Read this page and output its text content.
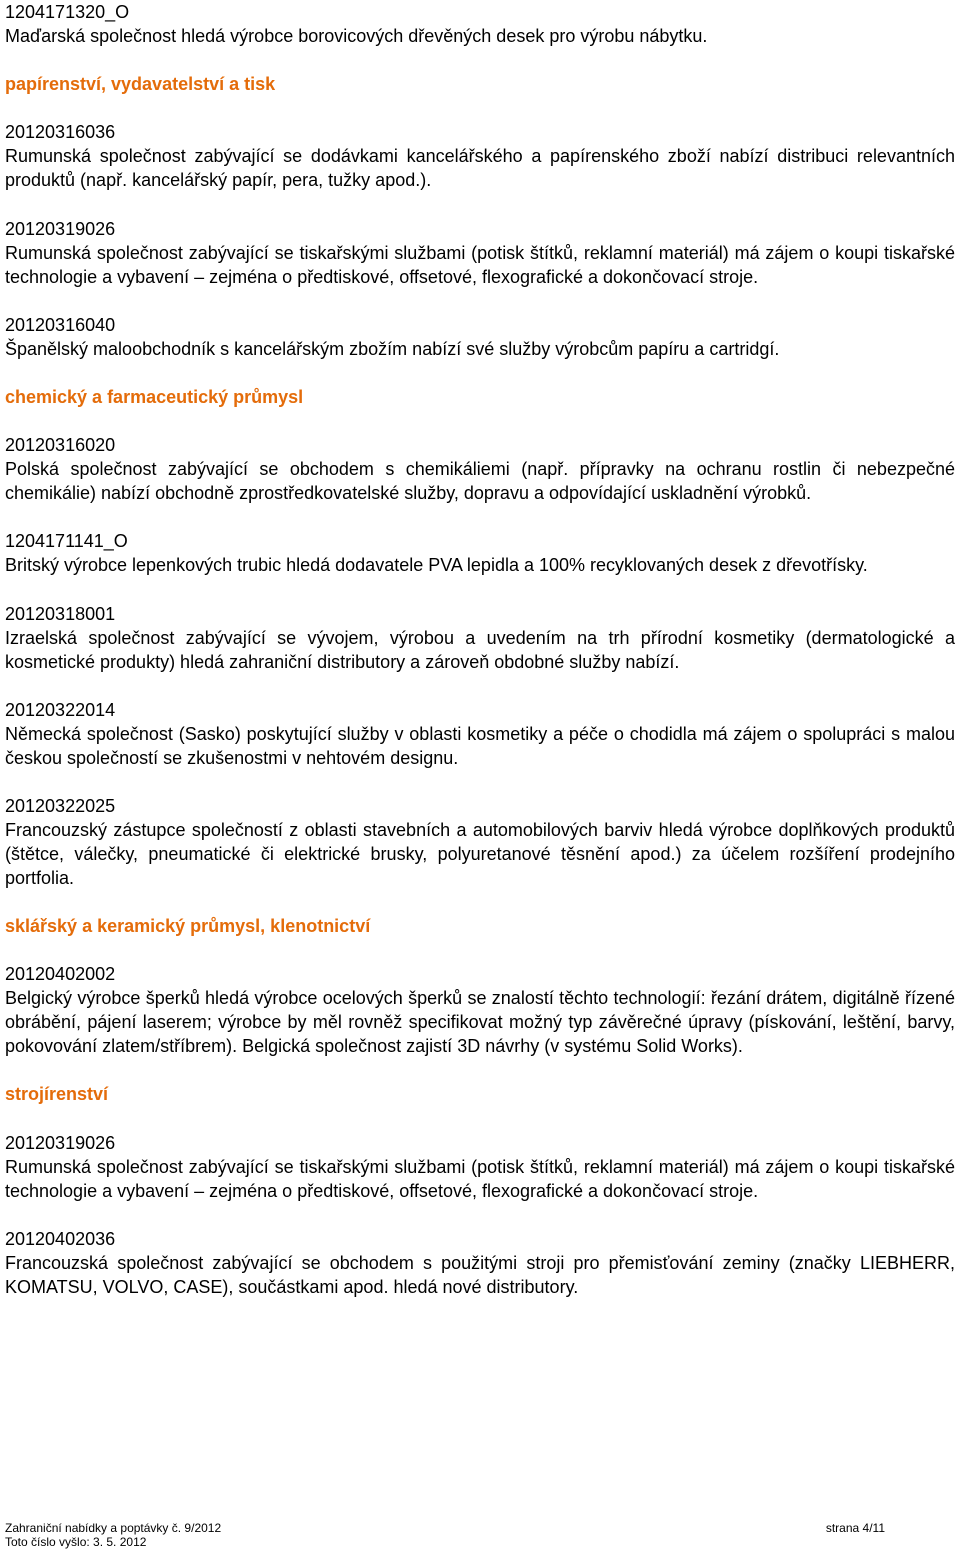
1204171320_O
Maďarská společnost hledá výrobce borovicových dřevěných desek pro výrobu nábytku.
papírenství, vydavatelství a tisk
20120316036
Rumunská společnost zabývající se dodávkami kancelářského a papírenského zboží nabízí distribuci relevantních produktů (např. kancelářský papír, pera, tužky apod.).
20120319026
Rumunská společnost zabývající se tiskařskými službami (potisk štítků, reklamní materiál) má zájem o koupi tiskařské technologie a vybavení – zejména o předtiskové, offsetové, flexografické a dokončovací stroje.
20120316040
Španělský maloobchodník s kancelářským zbožím nabízí své služby výrobcům papíru a cartridgí.
chemický a farmaceutický průmysl
20120316020
Polská společnost zabývající se obchodem s chemikáliemi (např. přípravky na ochranu rostlin či nebezpečné chemikálie) nabízí obchodně zprostředkovatelské služby, dopravu a odpovídající uskladnění výrobků.
1204171141_O
Britský výrobce lepenkových trubic hledá dodavatele PVA lepidla a 100% recyklovaných desek z dřevotřísky.
20120318001
Izraelská společnost zabývající se vývojem, výrobou a uvedením na trh přírodní kosmetiky (dermatologické a kosmetické produkty) hledá zahraniční distributory a zároveň obdobné služby nabízí.
20120322014
Německá společnost (Sasko) poskytující služby v oblasti kosmetiky a péče o chodidla má zájem o spolupráci s malou českou společností se zkušenostmi v nehtovém designu.
20120322025
Francouzský zástupce společností z oblasti stavebních a automobilových barviv hledá výrobce doplňkových produktů (štětce, válečky, pneumatické či elektrické brusky, polyuretanové těsnění apod.) za účelem rozšíření prodejního portfolia.
sklářský a keramický průmysl, klenotnictví
20120402002
Belgický výrobce šperků hledá výrobce ocelových šperků se znalostí těchto technologií: řezání drátem, digitálně řízené obrábění, pájení laserem; výrobce by měl rovněž specifikovat možný typ závěrečné úpravy (pískování, leštění, barvy, pokovování zlatem/stříbrem). Belgická společnost zajistí 3D návrhy (v systému Solid Works).
strojírenství
20120319026
Rumunská společnost zabývající se tiskařskými službami (potisk štítků, reklamní materiál) má zájem o koupi tiskařské technologie a vybavení – zejména o předtiskové, offsetové, flexografické a dokončovací stroje.
20120402036
Francouzská společnost zabývající se obchodem s použitými stroji pro přemisťování zeminy (značky LIEBHERR, KOMATSU, VOLVO, CASE), součástkami apod. hledá nové distributory.
Zahraniční nabídky a poptávky č. 9/2012	strana 4/11
Toto číslo vyšlo: 3. 5. 2012
